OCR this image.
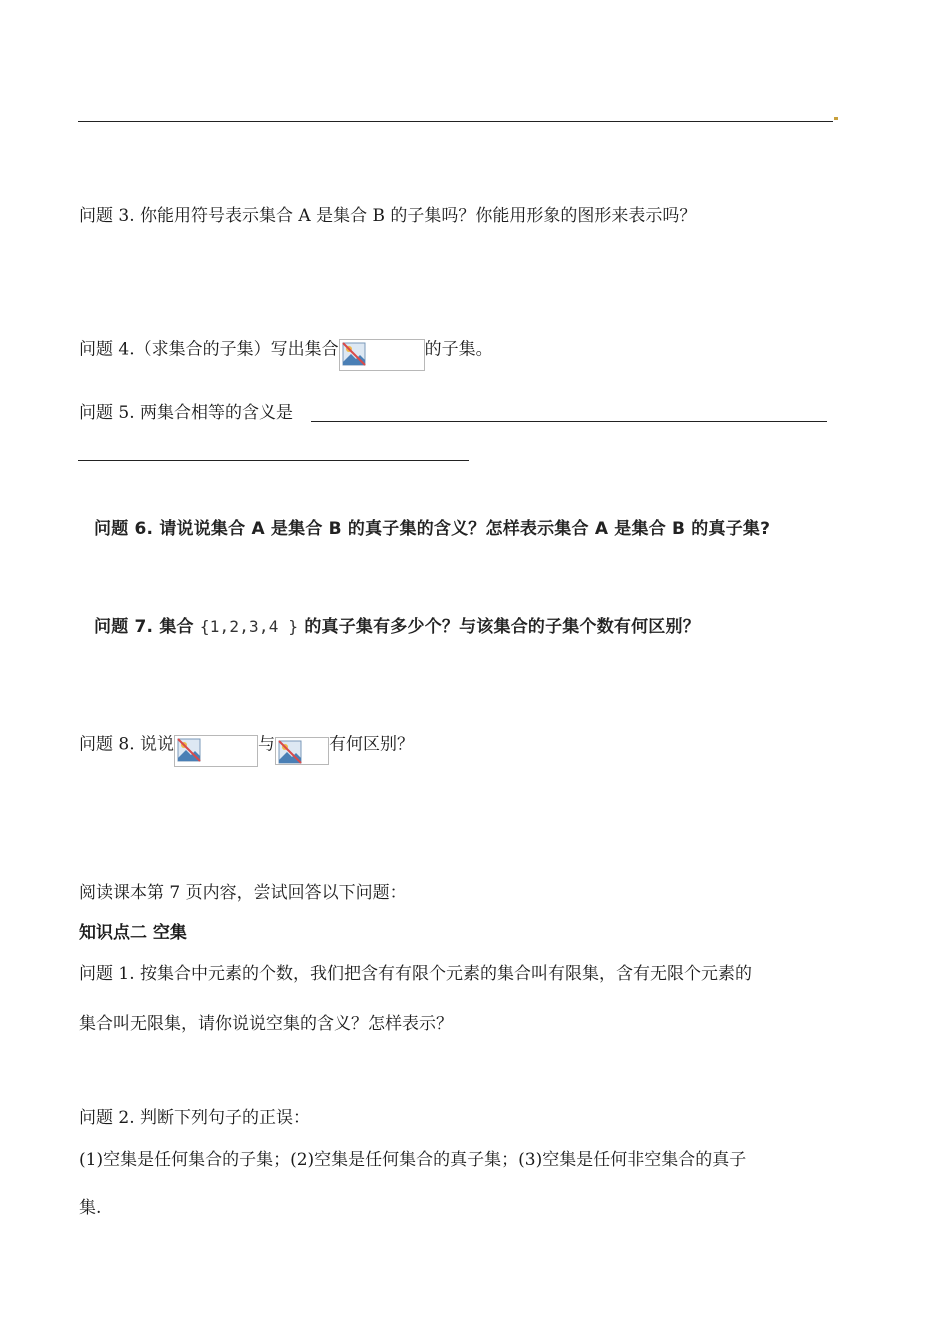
问题 3. 你能用符号表示集合 A 是集合 B 的子集吗？你能用形象的图形来表示吗？
问题 4.（求集合的子集）写出集合	的子集。
问题 5. 两集合相等的含义是
问题 6. 请说说集合 A 是集合 B 的真子集的含义？怎样表示集合 A 是集合 B 的真子集?
问题 7. 集合 {1,2,3,4 } 的真子集有多少个？与该集合的子集个数有何区别？
问题 8. 说说	与	有何区别？
阅读课本第 7 页内容，尝试回答以下问题：
知识点二 空集
问题 1. 按集合中元素的个数，我们把含有有限个元素的集合叫有限集，含有无限个元素的
集合叫无限集，请你说说空集的含义？怎样表示？
问题 2. 判断下列句子的正误：
(1)空集是任何集合的子集；(2)空集是任何集合的真子集；(3)空集是任何非空集合的真子
集.
